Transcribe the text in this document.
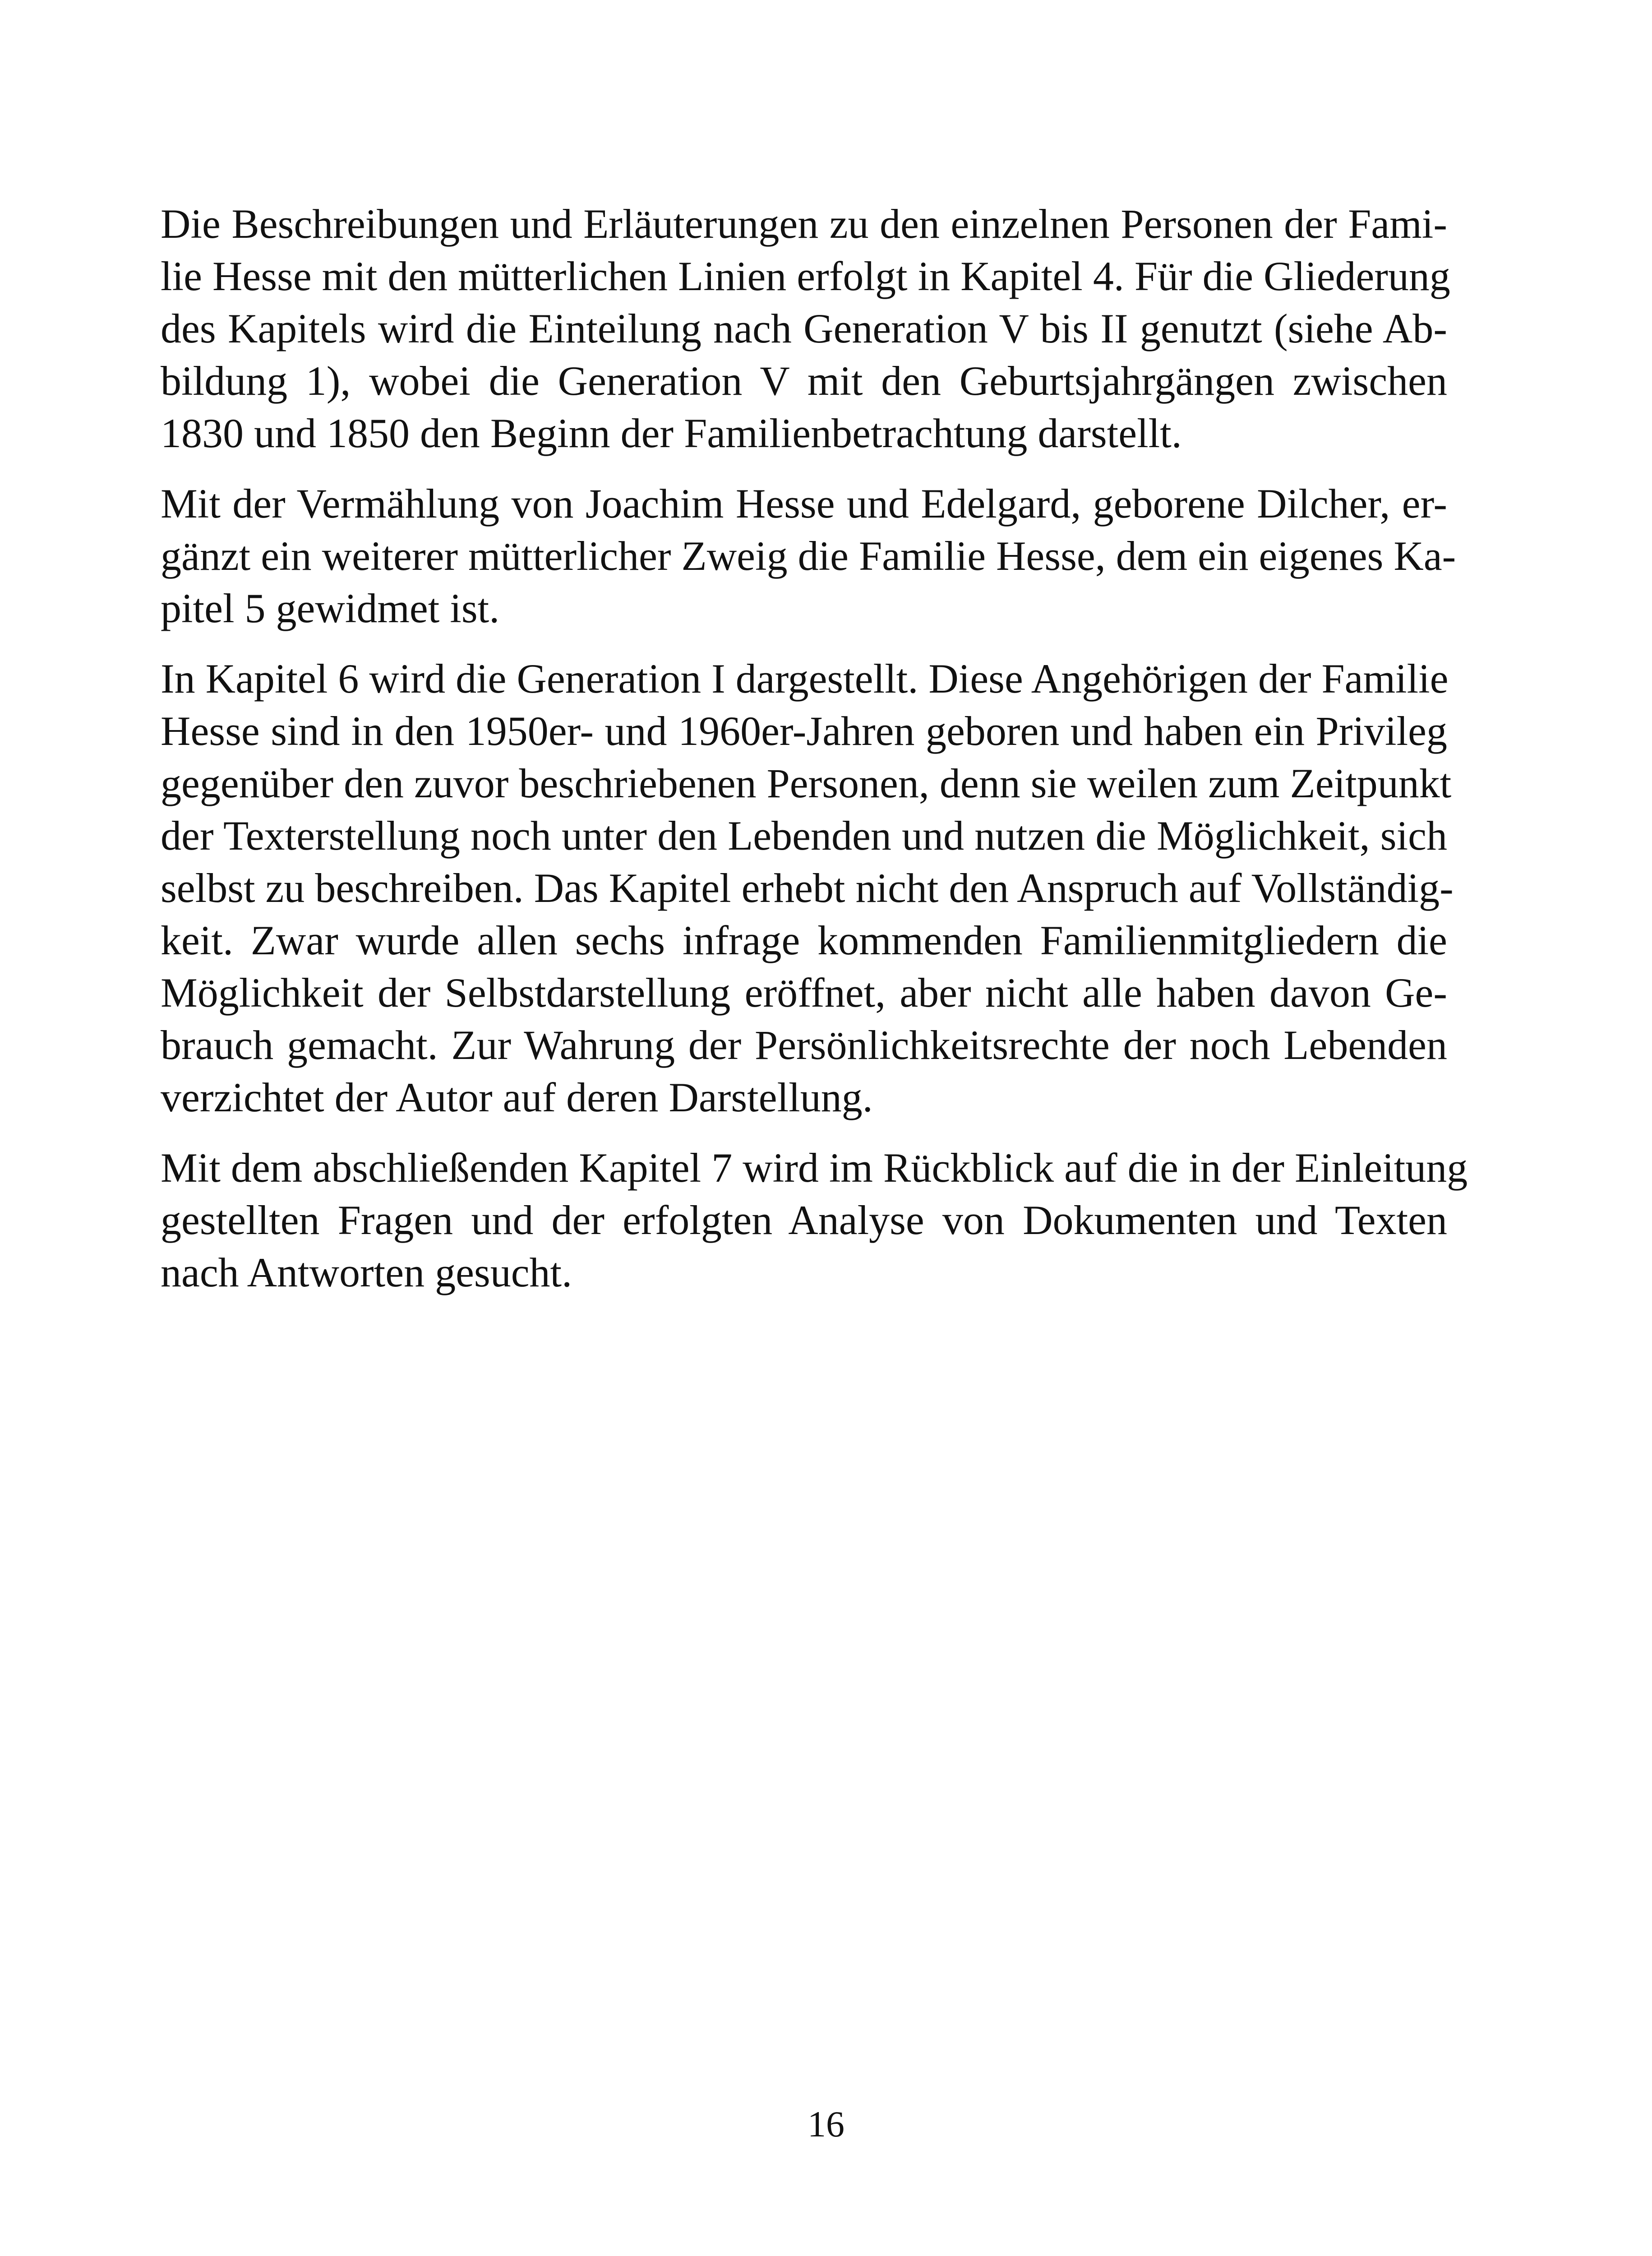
Die Beschreibungen und Erläuterungen zu den einzelnen Personen der Fami-
lie Hesse mit den mütterlichen Linien erfolgt in Kapitel 4. Für die Gliederung
des Kapitels wird die Einteilung nach Generation V bis II genutzt (siehe Ab-
bildung 1), wobei die Generation V mit den Geburtsjahrgängen zwischen
1830 und 1850 den Beginn der Familienbetrachtung darstellt.

Mit der Vermählung von Joachim Hesse und Edelgard, geborene Dilcher, er-
gänzt ein weiterer mütterlicher Zweig die Familie Hesse, dem ein eigenes Ka-
pitel 5 gewidmet ist.

In Kapitel 6 wird die Generation I dargestellt. Diese Angehörigen der Familie
Hesse sind in den 1950er- und 1960er-Jahren geboren und haben ein Privileg
gegenüber den zuvor beschriebenen Personen, denn sie weilen zum Zeitpunkt
der Texterstellung noch unter den Lebenden und nutzen die Möglichkeit, sich
selbst zu beschreiben. Das Kapitel erhebt nicht den Anspruch auf Vollständig-
keit. Zwar wurde allen sechs infrage kommenden Familienmitgliedern die
Möglichkeit der Selbstdarstellung eröffnet, aber nicht alle haben davon Ge-
brauch gemacht. Zur Wahrung der Persönlichkeitsrechte der noch Lebenden
verzichtet der Autor auf deren Darstellung.

Mit dem abschließenden Kapitel 7 wird im Rückblick auf die in der Einleitung
gestellten Fragen und der erfolgten Analyse von Dokumenten und Texten
nach Antworten gesucht.

16
